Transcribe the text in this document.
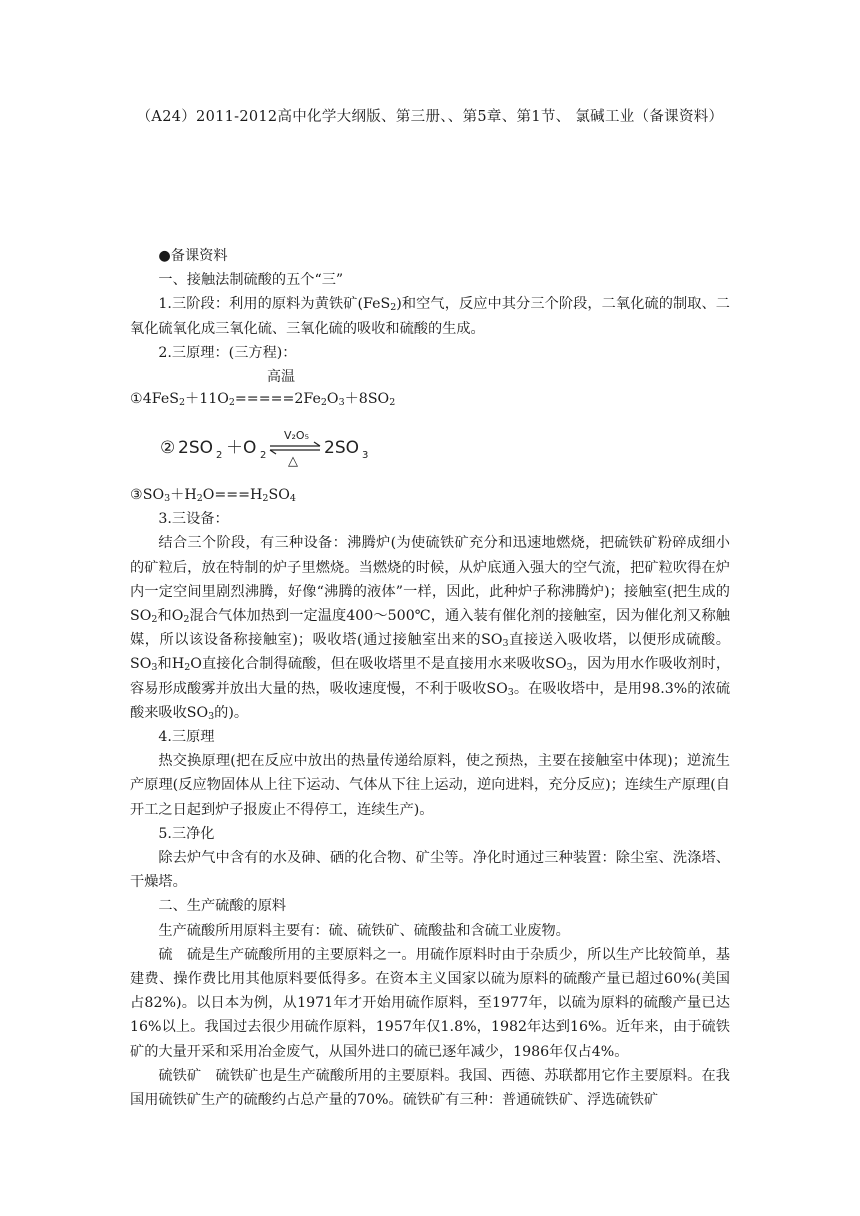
（A24）2011-2012高中化学大纲版、第三册、、第5章、第1节、 氯碱工业（备课资料）

●备课资料

一、接触法制硫酸的五个“三”

1.三阶段：利用的原料为黄铁矿(FeS$_2$)和空气，反应中其分三个阶段，二氧化硫的制取、二氧化硫氧化成三氧化硫、三氧化硫的吸收和硫酸的生成。

2.三原理：(三方程)：

高温
$①4FeS_2+11O_2=====2Fe_2O_3+8SO_2$
② 2SO 2 ＋O 2
V₂O₅
△
2SO 3

$③SO_3+H_2O===H_2SO_4$

3.三设备：

结合三个阶段，有三种设备：沸腾炉(为使硫铁矿充分和迅速地燃烧，把硫铁矿粉碎成细小的矿粒后，放在特制的炉子里燃烧。当燃烧的时候，从炉底通入强大的空气流，把矿粒吹得在炉内一定空间里剧烈沸腾，好像“沸腾的液体”一样，因此，此种炉子称沸腾炉)；接触室(把生成的$SO_2$和$O_2$混合气体加热到一定温度400～500℃，通入装有催化剂的接触室，因为催化剂又称触媒，所以该设备称接触室)；吸收塔(通过接触室出来的$SO_3$直接送入吸收塔，以便形成硫酸。$SO_3$和$H_2O$直接化合制得硫酸，但在吸收塔里不是直接用水来吸收$SO_3$，因为用水作吸收剂时，容易形成酸雾并放出大量的热，吸收速度慢，不利于吸收$SO_3$。在吸收塔中，是用98.3%的浓硫酸来吸收$SO_3$的)。

4.三原理

热交换原理(把在反应中放出的热量传递给原料，使之预热，主要在接触室中体现)；逆流生产原理(反应物固体从上往下运动、气体从下往上运动，逆向进料，充分反应)；连续生产原理(自开工之日起到炉子报废止不得停工，连续生产)。

5.三净化

除去炉气中含有的水及砷、硒的化合物、矿尘等。净化时通过三种装置：除尘室、洗涤塔、干燥塔。

二、生产硫酸的原料

生产硫酸所用原料主要有：硫、硫铁矿、硫酸盐和含硫工业废物。

硫　硫是生产硫酸所用的主要原料之一。用硫作原料时由于杂质少，所以生产比较简单，基建费、操作费比用其他原料要低得多。在资本主义国家以硫为原料的硫酸产量已超过60%(美国占82%)。以日本为例，从1971年才开始用硫作原料，至1977年，以硫为原料的硫酸产量已达16%以上。我国过去很少用硫作原料，1957年仅1.8%，1982年达到16%。近年来，由于硫铁矿的大量开采和采用冶金废气，从国外进口的硫已逐年减少，1986年仅占4%。

硫铁矿　硫铁矿也是生产硫酸所用的主要原料。我国、西德、苏联都用它作主要原料。在我国用硫铁矿生产的硫酸约占总产量的70%。硫铁矿有三种：普通硫铁矿、浮选硫铁矿
